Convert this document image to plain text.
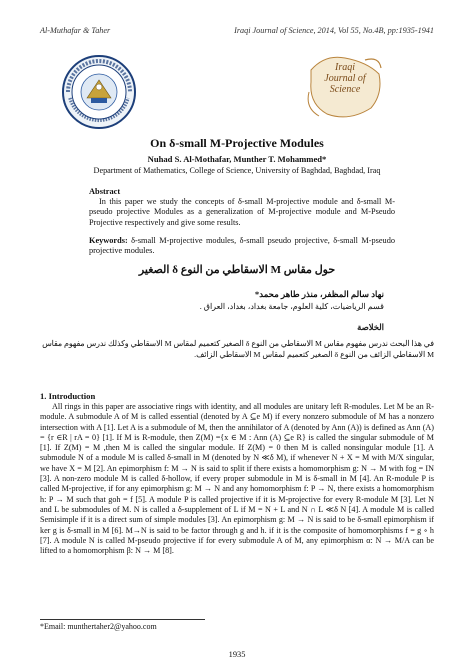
Al-Muthafar & Taher	Iraqi Journal of Science, 2014, Vol 55, No.4B, pp:1935-1941
Iraqi
Journal of
Science
On δ-small M-Projective Modules
Nuhad S. Al-Mothafar, Munther T. Mohammed*
Department of Mathematics, College of Science, University of Baghdad, Baghdad, Iraq
Abstract
In this paper we study the concepts of δ-small M-projective module and δ-small M-pseudo projective Modules as a generalization of M-projective module and M-Pseudo Projective respectively and give some results.
Keywords: δ-small M-projective modules, δ-small pseudo projective, δ-small M-pseudo projective modules.
حول مقاس M الاسقاطي من النوع δ الصغير
نهاد سالم المظفر، منذر طاهر محمد*
قسم الرياضيات، كلية العلوم، جامعة بغداد، بغداد، العراق .
الخلاصة
في هذا البحث ندرس مفهوم مقاس M الاسقاطي من النوع δ الصغير كتعميم لمقاس M الاسقاطي وكذلك ندرس مفهوم مقاس M الاسقاطي الزائف من النوع δ الصغير كتعميم لمقاس M الاسقاطي الزائف.
1. Introduction
All rings in this paper are associative rings with identity, and all modules are unitary left R-modules. Let M be an R-module. A submodule A of M is called essential (denoted by A ⊆e M) if every nonzero submodule of M has a nonzero intersection with A [1]. Let A is a submodule of M, then the annihilator of A (denoted by Ann (A)) is defined as Ann (A) = {r ∈R | rA = 0} [1]. If M is R-module, then Z(M) ={x ∈ M : Ann (A) ⊆e R} is called the singular submodule of M [1]. If Z(M) = M ,then M is called the singular module. If Z(M) = 0 then M is called nonsingular module [1]. A submodule N of a module M is called δ-small in M (denoted by N ≪δ M), if whenever N + X = M with M/X singular, we have X = M [2]. An epimorphism f: M → N is said to split if there exists a homomorphism g: N → M with fog = IN [3]. A non-zero module M is called δ-hollow, if every proper submodule in M is δ-small in M [4]. An R-module P is called M-projective, if for any epimorphism g: M → N and any homomorphism f: P → N, there exists a homomorphism h: P → M such that goh = f [5]. A module P is called projective if it is M-projective for every R-module M [3]. Let N and L be submodules of M. N is called a δ-supplement of L if M = N + L and N ∩ L ≪δ N [4]. A module M is called Semisimple if it is a direct sum of simple modules [3]. An epimorphism g: M → N is said to be δ-small epimorphism if ker g is δ-small in M [6]. M→N is said to be factor through g and h. if it is the composite of homomorphisms f = g ∘ h [7]. A module N is called M-pseudo projective if for every submodule A of M, any epimorphism α: N → M/A can be lifted to a homomorphism β: N → M [8].
*Email: munthertaher2@yahoo.com
1935
